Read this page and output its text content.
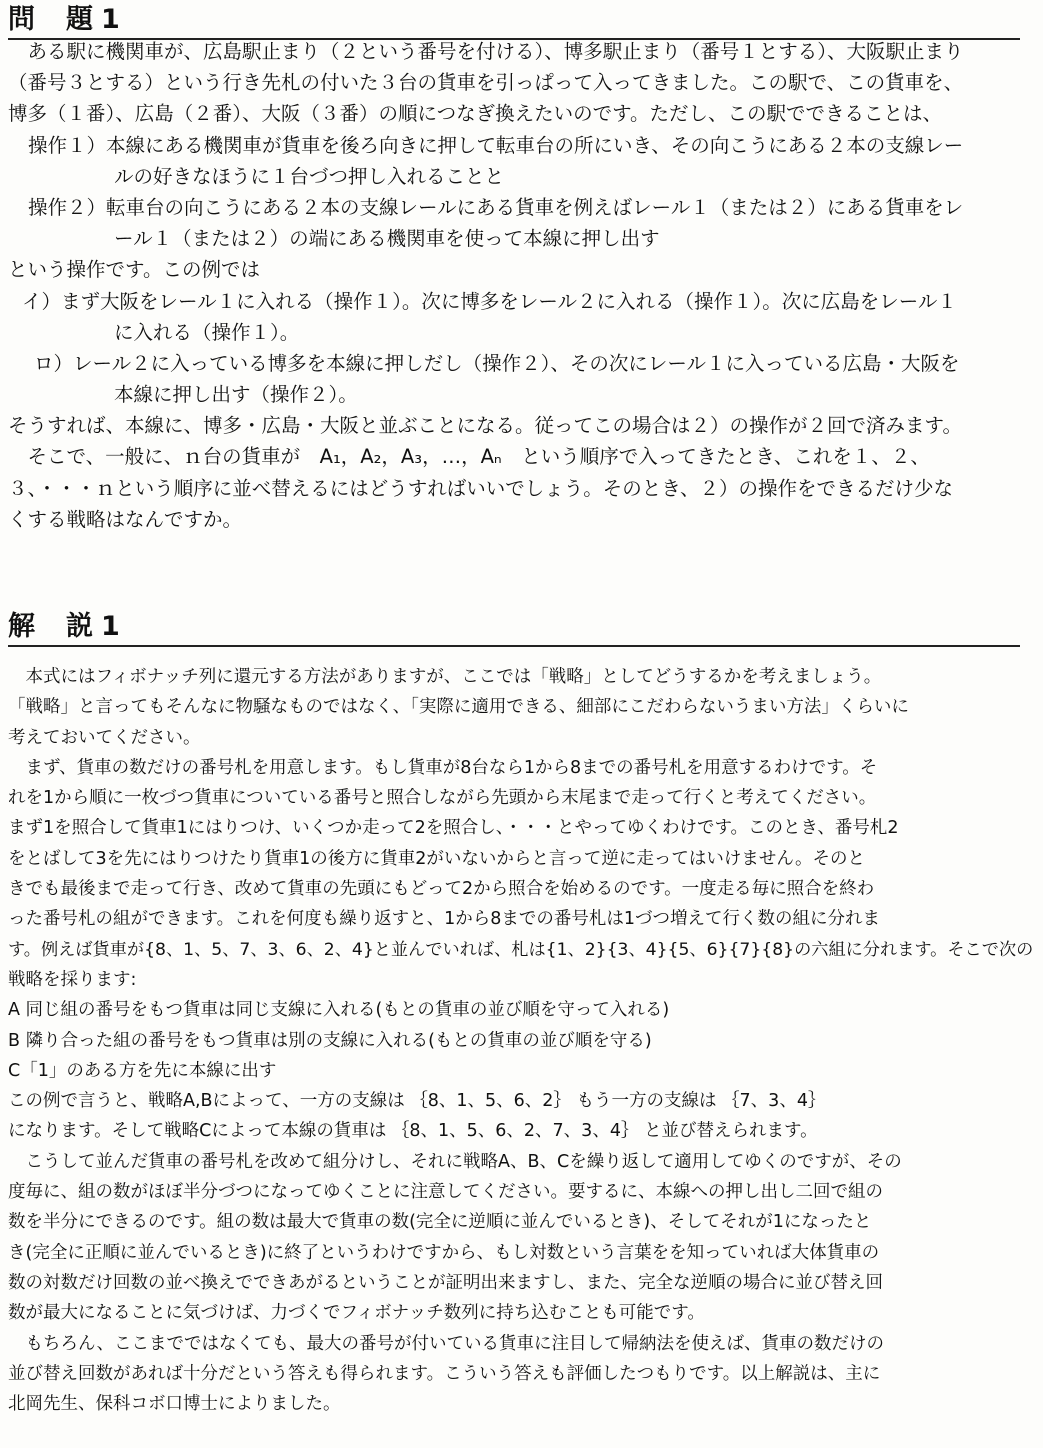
問　題 1
　ある駅に機関車が、広島駅止まり（２という番号を付ける）、博多駅止まり（番号１とする）、大阪駅止まり
（番号３とする）という行き先札の付いた３台の貨車を引っぱって入ってきました。この駅で、この貨車を、
博多（１番）、広島（２番）、大阪（３番）の順につなぎ換えたいのです。ただし、この駅でできることは、
操作１）本線にある機関車が貨車を後ろ向きに押して転車台の所にいき、その向こうにある２本の支線レー
ルの好きなほうに１台づつ押し入れることと
操作２）転車台の向こうにある２本の支線レールにある貨車を例えばレール１（または２）にある貨車をレ
ール１（または２）の端にある機関車を使って本線に押し出す
という操作です。この例では
イ）まず大阪をレール１に入れる（操作１）。次に博多をレール２に入れる（操作１）。次に広島をレール１
に入れる（操作１）。
ロ）レール２に入っている博多を本線に押しだし（操作２）、その次にレール１に入っている広島・大阪を
本線に押し出す（操作２）。
そうすれば、本線に、博多・広島・大阪と並ぶことになる。従ってこの場合は２）の操作が２回で済みます。
　そこで、一般に、ｎ台の貨車が　A₁，A₂，A₃，…，Aₙ　という順序で入ってきたとき、これを１、２、
３、・・・ｎという順序に並べ替えるにはどうすればいいでしょう。そのとき、２）の操作をできるだけ少な
くする戦略はなんですか。
解　説 1
　本式にはフィボナッチ列に還元する方法がありますが、ここでは「戦略」としてどうするかを考えましょう。
「戦略」と言ってもそんなに物騒なものではなく、「実際に適用できる、細部にこだわらないうまい方法」くらいに
考えておいてください。
　まず、貨車の数だけの番号札を用意します。もし貨車が8台なら1から8までの番号札を用意するわけです。そ
れを1から順に一枚づつ貨車についている番号と照合しながら先頭から末尾まで走って行くと考えてください。
まず1を照合して貨車1にはりつけ、いくつか走って2を照合し、・・・とやってゆくわけです。このとき、番号札2
をとばして3を先にはりつけたり貨車1の後方に貨車2がいないからと言って逆に走ってはいけません。そのと
きでも最後まで走って行き、改めて貨車の先頭にもどって2から照合を始めるのです。一度走る毎に照合を終わ
った番号札の組ができます。これを何度も繰り返すと、1から8までの番号札は1づつ増えて行く数の組に分れま
す。例えば貨車が{8、1、5、7、3、6、2、4}と並んでいれば、札は{1、2}{3、4}{5、6}{7}{8}の六組に分れます。そこで次の
戦略を採ります:
A 同じ組の番号をもつ貨車は同じ支線に入れる(もとの貨車の並び順を守って入れる)
B 隣り合った組の番号をもつ貨車は別の支線に入れる(もとの貨車の並び順を守る)
C「1」のある方を先に本線に出す
この例で言うと、戦略A,Bによって、一方の支線は ｛8、1、5、6、2｝ もう一方の支線は ｛7、3、4｝
になります。そして戦略Cによって本線の貨車は ｛8、1、5、6、2、7、3、4｝ と並び替えられます。
　こうして並んだ貨車の番号札を改めて組分けし、それに戦略A、B、Cを繰り返して適用してゆくのですが、その
度毎に、組の数がほぼ半分づつになってゆくことに注意してください。要するに、本線への押し出し二回で組の
数を半分にできるのです。組の数は最大で貨車の数(完全に逆順に並んでいるとき)、そしてそれが1になったと
き(完全に正順に並んでいるとき)に終了というわけですから、もし対数という言葉をを知っていれば大体貨車の
数の対数だけ回数の並べ換えでできあがるということが証明出来ますし、また、完全な逆順の場合に並び替え回
数が最大になることに気づけば、力づくでフィボナッチ数列に持ち込むことも可能です。
　もちろん、ここまでではなくても、最大の番号が付いている貨車に注目して帰納法を使えば、貨車の数だけの
並び替え回数があれば十分だという答えも得られます。こういう答えも評価したつもりです。以上解説は、主に
北岡先生、保科コボ口博士によりました。
